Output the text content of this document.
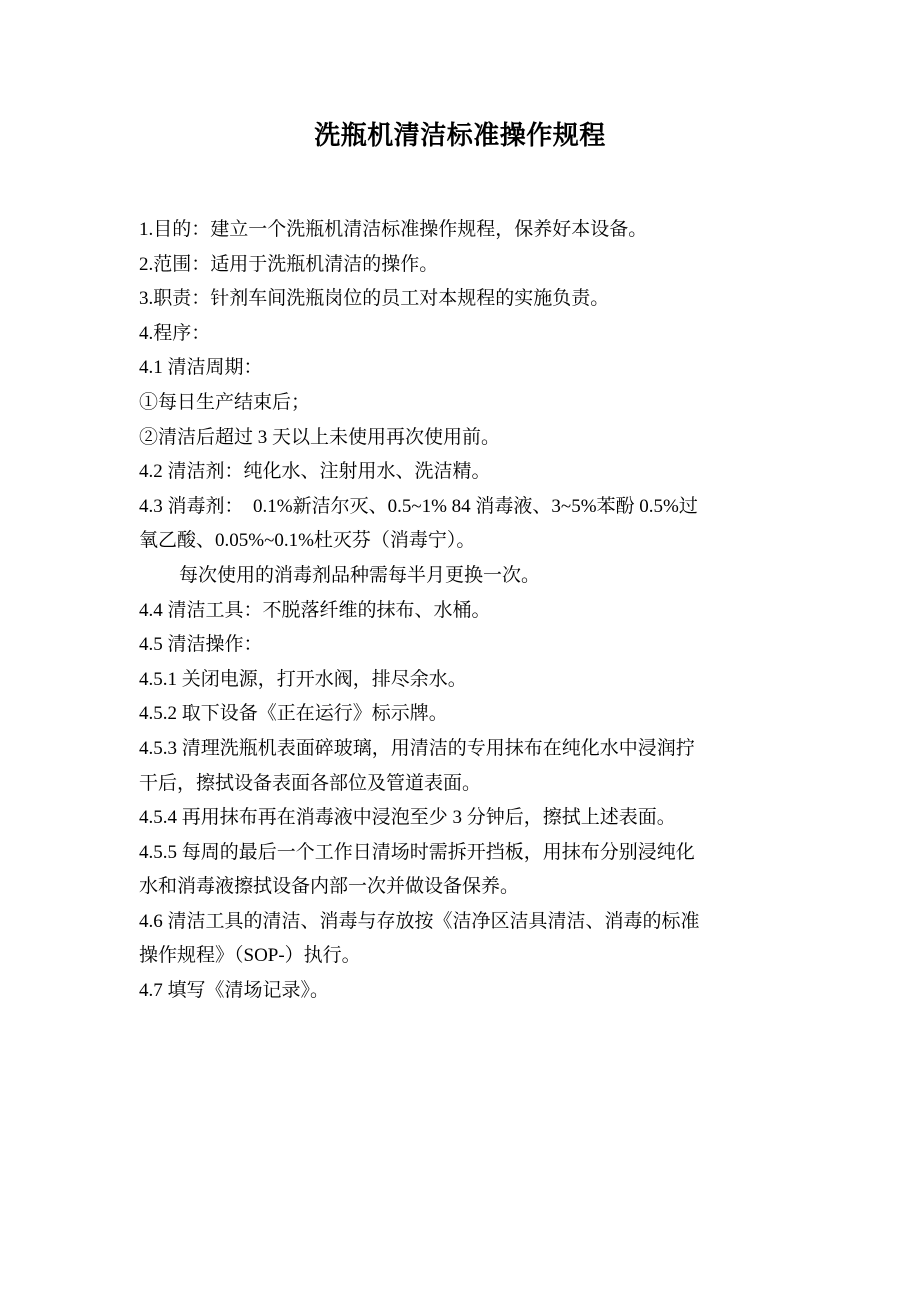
洗瓶机清洁标准操作规程

1.目的：建立一个洗瓶机清洁标准操作规程，保养好本设备。

2.范围：适用于洗瓶机清洁的操作。

3.职责：针剂车间洗瓶岗位的员工对本规程的实施负责。

4.程序：

4.1 清洁周期：

①每日生产结束后；

②清洁后超过 3 天以上未使用再次使用前。

4.2 清洁剂：纯化水、注射用水、洗洁精。

4.3 消毒剂：　0.1%新洁尔灭、0.5~1% 84 消毒液、3~5%苯酚 0.5%过

氧乙酸、0.05%~0.1%杜灭芬（消毒宁）。

每次使用的消毒剂品种需每半月更换一次。

4.4 清洁工具：不脱落纤维的抹布、水桶。

4.5 清洁操作：

4.5.1 关闭电源，打开水阀，排尽余水。

4.5.2 取下设备《正在运行》标示牌。

4.5.3 清理洗瓶机表面碎玻璃，用清洁的专用抹布在纯化水中浸润拧

干后，擦拭设备表面各部位及管道表面。

4.5.4 再用抹布再在消毒液中浸泡至少 3 分钟后，擦拭上述表面。

4.5.5 每周的最后一个工作日清场时需拆开挡板，用抹布分别浸纯化

水和消毒液擦拭设备内部一次并做设备保养。

4.6 清洁工具的清洁、消毒与存放按《洁净区洁具清洁、消毒的标准

操作规程》（SOP-）执行。

4.7 填写《清场记录》。
